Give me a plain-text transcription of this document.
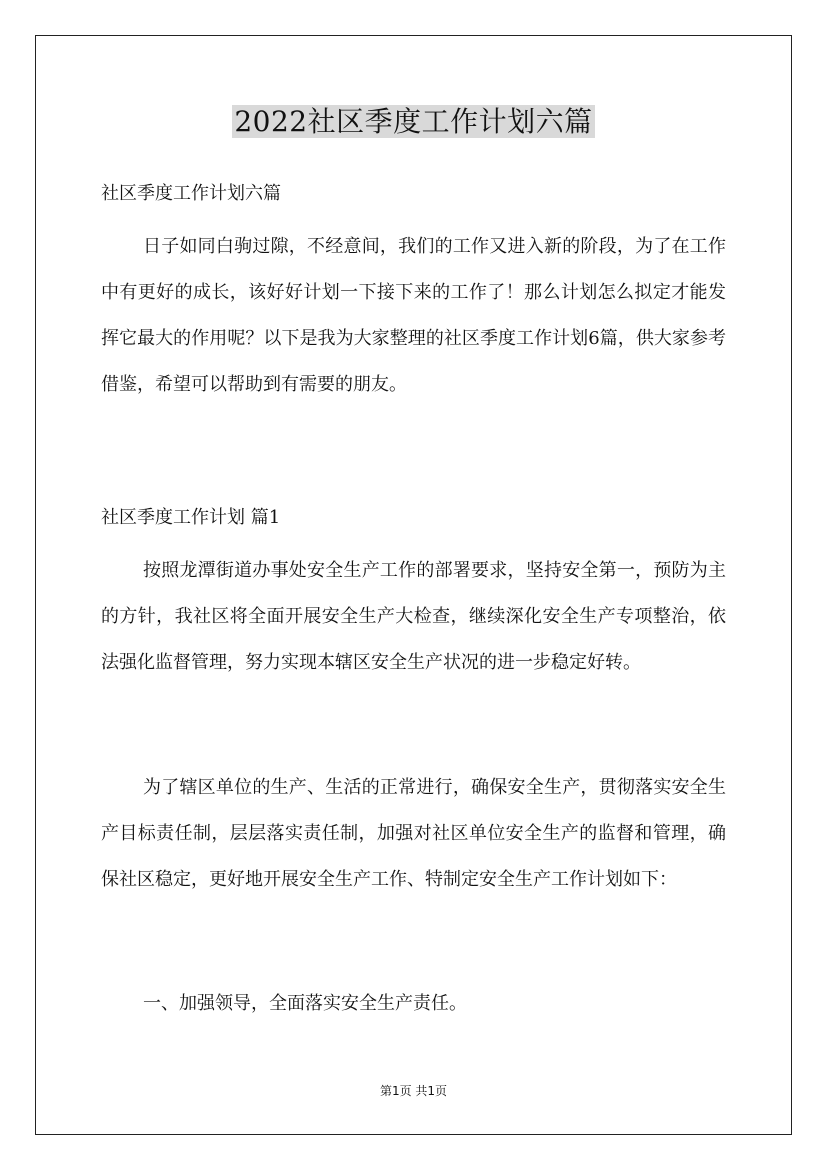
2022社区季度工作计划六篇
社区季度工作计划六篇
日子如同白驹过隙，不经意间，我们的工作又进入新的阶段，为了在工作中有更好的成长，该好好计划一下接下来的工作了！那么计划怎么拟定才能发挥它最大的作用呢？以下是我为大家整理的社区季度工作计划6篇，供大家参考借鉴，希望可以帮助到有需要的朋友。
社区季度工作计划 篇1
按照龙潭街道办事处安全生产工作的部署要求，坚持安全第一，预防为主的方针，我社区将全面开展安全生产大检查，继续深化安全生产专项整治，依法强化监督管理，努力实现本辖区安全生产状况的进一步稳定好转。
为了辖区单位的生产、生活的正常进行，确保安全生产，贯彻落实安全生产目标责任制，层层落实责任制，加强对社区单位安全生产的监督和管理，确保社区稳定，更好地开展安全生产工作、特制定安全生产工作计划如下：
一、加强领导，全面落实安全生产责任。
第1页 共1页
